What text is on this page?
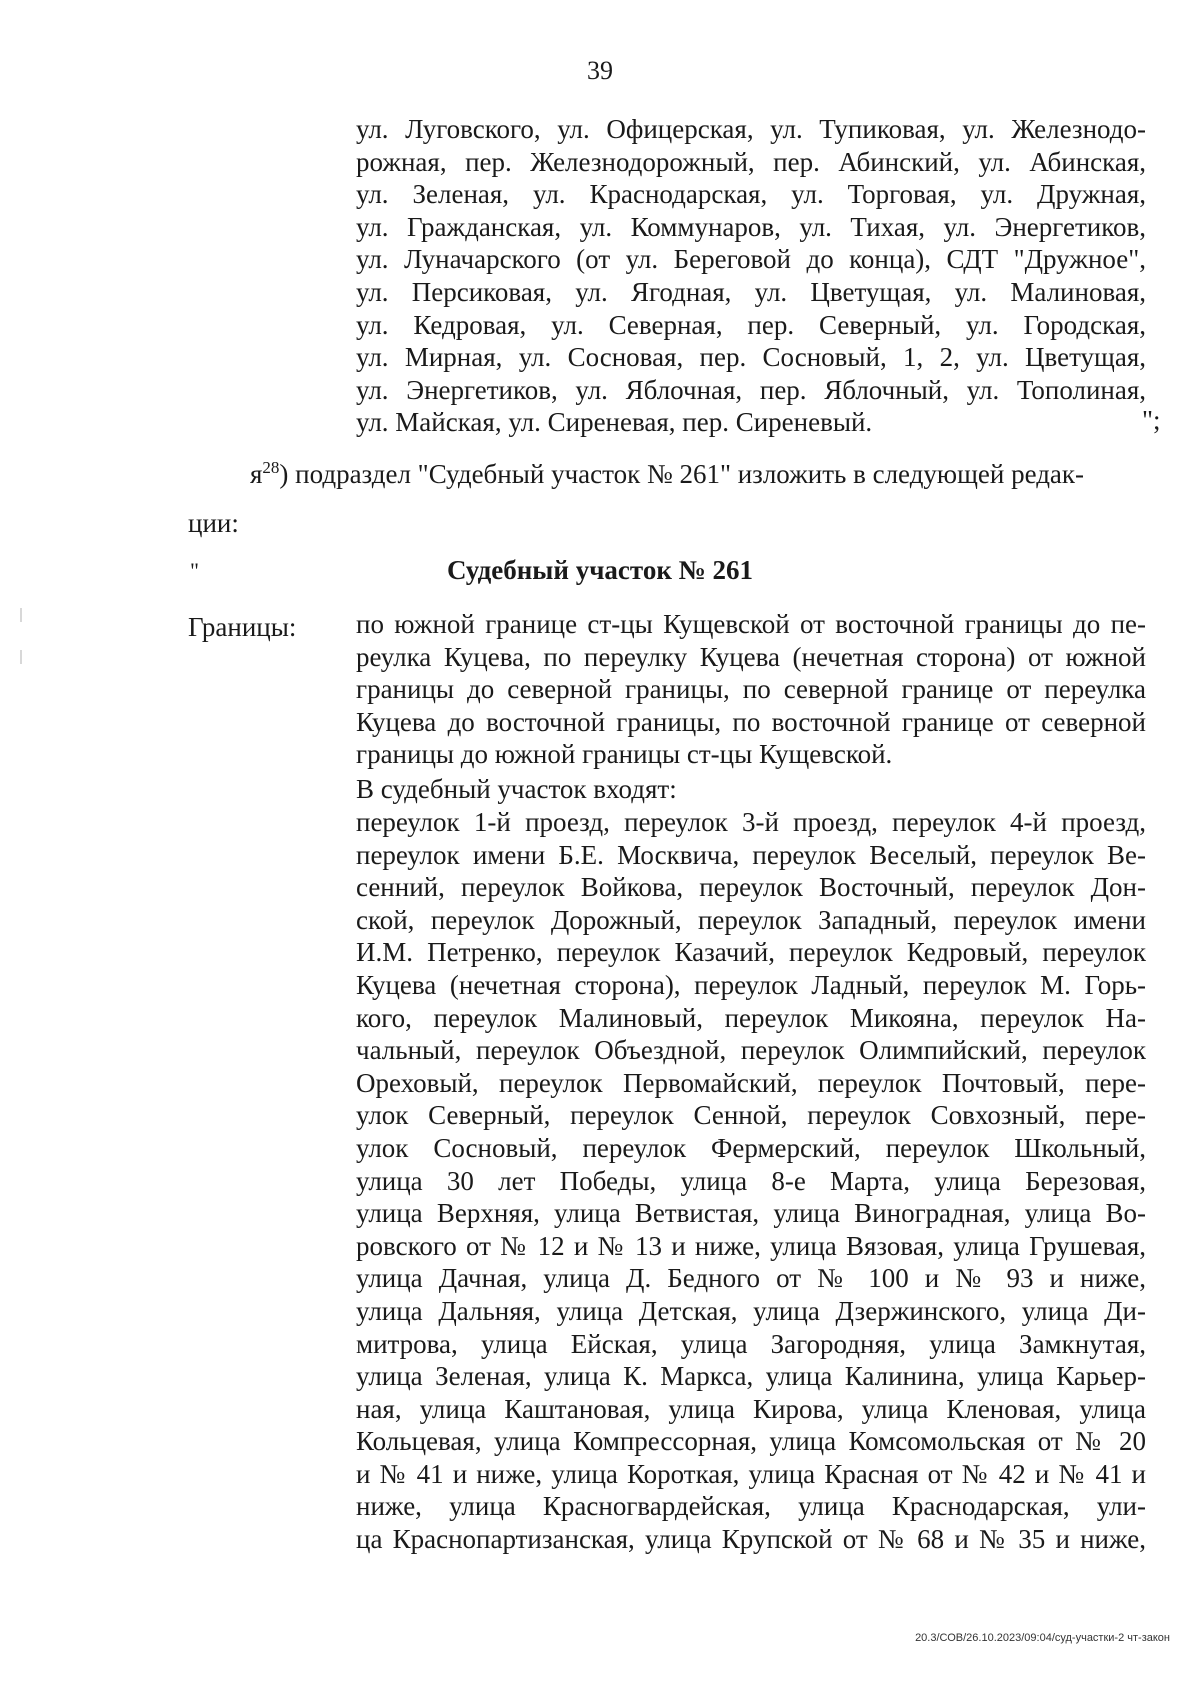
39
ул. Луговского, ул. Офицерская, ул. Тупиковая, ул. Железнодо-
рожная, пер. Железнодорожный, пер. Абинский, ул. Абинская,
ул. Зеленая, ул. Краснодарская, ул. Торговая, ул. Дружная,
ул. Гражданская, ул. Коммунаров, ул. Тихая, ул. Энергетиков,
ул. Луначарского (от ул. Береговой до конца), СДТ "Дружное",
ул. Персиковая, ул. Ягодная, ул. Цветущая, ул. Малиновая,
ул. Кедровая, ул. Северная, пер. Северный, ул. Городская,
ул. Мирная, ул. Сосновая, пер. Сосновый, 1, 2, ул. Цветущая,
ул. Энергетиков, ул. Яблочная, пер. Яблочный, ул. Тополиная,
ул. Майская, ул. Сиреневая, пер. Сиреневый.	";
$я^{28}$) подраздел "Судебный участок № 261" изложить в следующей редак-
ции:
"	Судебный участок № 261
Границы: по южной границе ст-цы Кущевской от восточной границы до пе-
реулка Куцева, по переулку Куцева (нечетная сторона) от южной
границы до северной границы, по северной границе от переулка
Куцева до восточной границы, по восточной границе от северной
границы до южной границы ст-цы Кущевской.
В судебный участок входят:
переулок 1-й проезд, переулок 3-й проезд, переулок 4-й проезд,
переулок имени Б.Е. Москвича, переулок Веселый, переулок Ве-
сенний, переулок Войкова, переулок Восточный, переулок Дон-
ской, переулок Дорожный, переулок Западный, переулок имени
И.М. Петренко, переулок Казачий, переулок Кедровый, переулок
Куцева (нечетная сторона), переулок Ладный, переулок М. Горь-
кого, переулок Малиновый, переулок Микояна, переулок На-
чальный, переулок Объездной, переулок Олимпийский, переулок
Ореховый, переулок Первомайский, переулок Почтовый, пере-
улок Северный, переулок Сенной, переулок Совхозный, пере-
улок Сосновый, переулок Фермерский, переулок Школьный,
улица 30 лет Победы, улица 8-е Марта, улица Березовая,
улица Верхняя, улица Ветвистая, улица Виноградная, улица Во-
ровского от № 12 и № 13 и ниже, улица Вязовая, улица Грушевая,
улица Дачная, улица Д. Бедного от № 100 и № 93 и ниже,
улица Дальняя, улица Детская, улица Дзержинского, улица Ди-
митрова, улица Ейская, улица Загородняя, улица Замкнутая,
улица Зеленая, улица К. Маркса, улица Калинина, улица Карьер-
ная, улица Каштановая, улица Кирова, улица Кленовая, улица
Кольцевая, улица Компрессорная, улица Комсомольская от № 20
и № 41 и ниже, улица Короткая, улица Красная от № 42 и № 41 и
ниже, улица Красногвардейская, улица Краснодарская, ули-
ца Краснопартизанская, улица Крупской от № 68 и № 35 и ниже,
20.3/СОВ/26.10.2023/09:04/суд-участки-2 чт-закон
